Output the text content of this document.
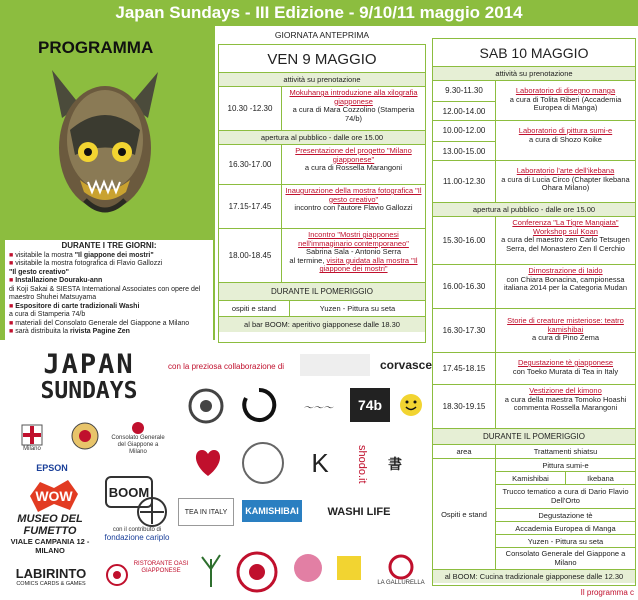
Japan Sundays - III Edizione - 9/10/11 maggio 2014
PROGRAMMA
DURANTE I TRE GIORNI:
■ visitabile la mostra "Il giappone dei mostri"
■ visitabile la mostra fotografica di Flavio Gallozzi
"Il gesto creativo"
■ Installazione Douraku-ann
di Koji Sakai & SIESTA International Associates con opere del maestro Shuhei Matsuyama
■ Espositore di carte tradizionali Washi
a cura di Stamperia 74/b
■ materiali del Consolato Generale del Giappone a Milano
■ sarà distribuita la rivista Pagine Zen
GIORNATA ANTEPRIMA
VEN 9 MAGGIO
attività su prenotazione
10.30 -12.30
Mokuhanga introduzione alla xilografia giapponese
a cura di Mara Cozzolino (Stamperia 74/b)
apertura al pubblico - dalle ore 15.00
16.30-17.00
Presentazione del progetto "Milano giapponese"
a cura di Rossella Marangoni
17.15-17.45
Inaugurazione della mostra fotografica "Il gesto creativo"
incontro con l'autore Flavio Gallozzi
18.00-18.45
Incontro "Mostri giapponesi nell'immaginario contemporaneo"
Sabrina Sala - Antonio Serra
al termine, visita guidata alla mostra "Il giappone dei mostri"
DURANTE IL POMERIGGIO
ospiti e stand	Yuzen - Pittura su seta
al bar BOOM: aperitivo giapponese dalle 18.30
SAB 10 MAGGIO
attività su prenotazione
9.30-11.30
12.00-14.00
Laboratorio di disegno manga
a cura di Tolita Riberi (Accademia Europea di Manga)
10.00-12.00
13.00-15.00
Laboratorio di pittura sumi-e
a cura di Shozo Koike
11.00-12.30
Laboratorio l'arte dell'ikebana
a cura di Lucia Circo (Chapter Ikebana Ohara Milano)
apertura al pubblico - dalle ore 15.00
15.30-16.00
Conferenza "La Tigre Mangiata" Workshop sul Koan
a cura del maestro zen Carlo Tetsugen Serra, del Monastero Zen Il Cerchio
16.00-16.30
Dimostrazione di Iaido
con Chiara Bonacina, campionessa italiana 2014 per la Categoria Mudan
16.30-17.30
Storie di creature misteriose: teatro kamishibai
a cura di Pino Zema
17.45-18.15
Degustazione tè giapponese
con Toeko Murata di Tea in Italy
18.30-19.15
Vestizione del kimono
a cura della maestra Tomoko Hoashi commenta Rossella Marangoni
DURANTE IL POMERIGGIO
area
Ospiti e stand
Trattamenti shiatsu
Pittura sumi-e
Kamishibai	Ikebana
Trucco tematico a cura di Dario Flavio Dell'Orto
Degustazione tè
Accademia Europea di Manga
Yuzen - Pittura su seta
Consolato Generale del Giappone a Milano
al BOOM: Cucina tradizionale giapponese dalle 12.30
Il programma c
JAPAN
SUNDAYS
con la preziosa collaborazione di	corvasce
Milano
Consolato Generale del Giappone a Milano
EPSON
WOW	BOOM
MUSEO DEL FUMETTO
VIALE CAMPANIA 12 - MILANO
con il contributo di
fondazione cariplo
LABIRINTO
COMICS CARDS & GAMES
〜〜〜	74b
K	shodo.it	書
TEA IN ITALY	KAMISHIBAI	WASHI LIFE
RISTORANTE OASI GIAPPONESE
LA GALLURELLA
